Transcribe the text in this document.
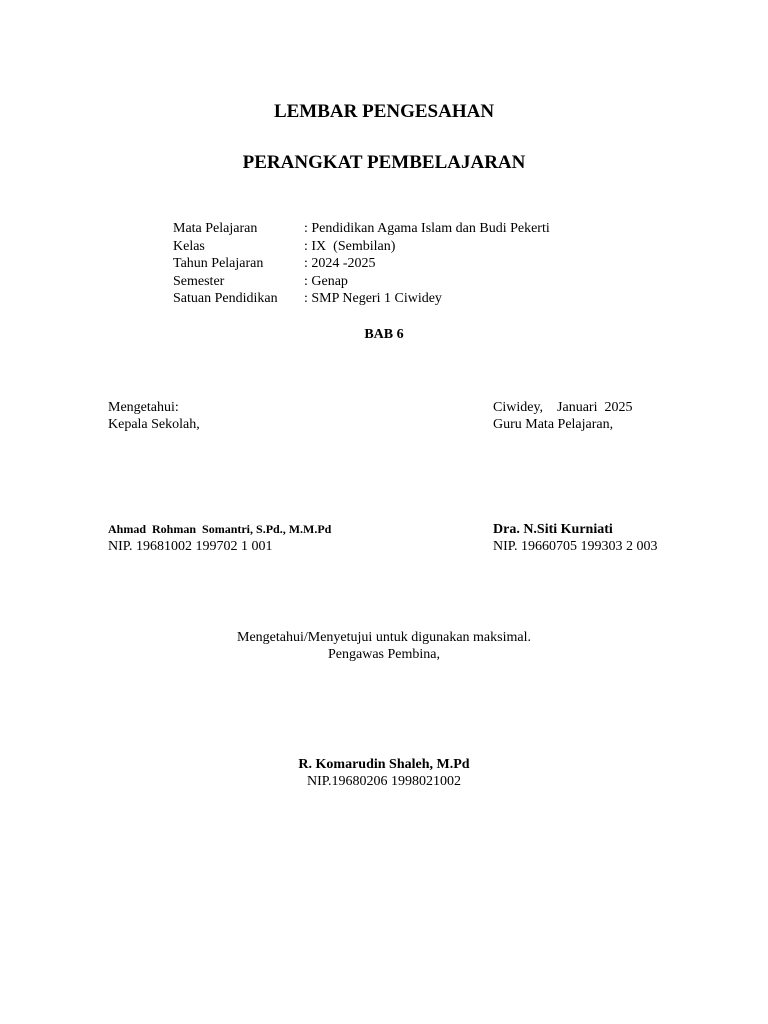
LEMBAR PENGESAHAN
PERANGKAT PEMBELAJARAN
Mata Pelajaran	: Pendidikan Agama Islam dan Budi Pekerti
Kelas	: IX  (Sembilan)
Tahun Pelajaran	: 2024 -2025
Semester	: Genap
Satuan Pendidikan	: SMP Negeri 1 Ciwidey
BAB 6
Mengetahui:
Kepala Sekolah,
Ahmad  Rohman  Somantri, S.Pd., M.M.Pd
NIP. 19681002 199702 1 001
Ciwidey,    Januari  2025
Guru Mata Pelajaran,
Dra. N.Siti Kurniati
NIP. 19660705 199303 2 003
Mengetahui/Menyetujui untuk digunakan maksimal.
Pengawas Pembina,
R. Komarudin Shaleh, M.Pd
NIP.19680206 1998021002
